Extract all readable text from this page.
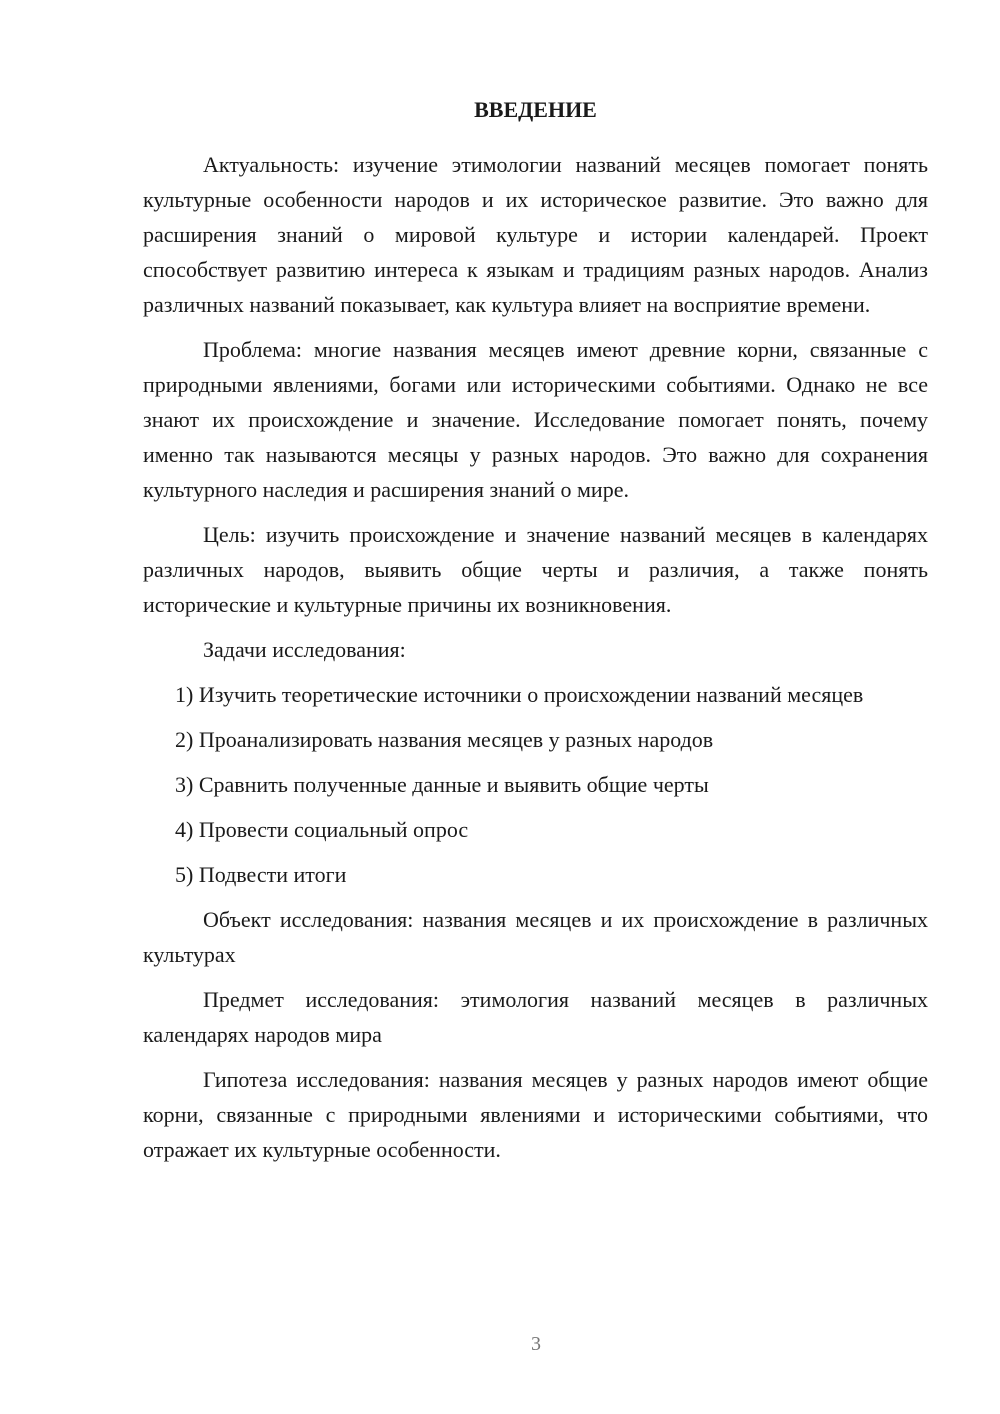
ВВЕДЕНИЕ

Актуальность: изучение этимологии названий месяцев помогает понять культурные особенности народов и их историческое развитие. Это важно для расширения знаний о мировой культуре и истории календарей. Проект способствует развитию интереса к языкам и традициям разных народов. Анализ различных названий показывает, как культура влияет на восприятие времени.

Проблема: многие названия месяцев имеют древние корни, связанные с природными явлениями, богами или историческими событиями. Однако не все знают их происхождение и значение. Исследование помогает понять, почему именно так называются месяцы у разных народов. Это важно для сохранения культурного наследия и расширения знаний о мире.

Цель: изучить происхождение и значение названий месяцев в календарях различных народов, выявить общие черты и различия, а также понять исторические и культурные причины их возникновения.

Задачи исследования:

1) Изучить теоретические источники о происхождении названий месяцев

2) Проанализировать названия месяцев у разных народов

3) Сравнить полученные данные и выявить общие черты

4) Провести социальный опрос

5) Подвести итоги

Объект исследования: названия месяцев и их происхождение в различных культурах

Предмет исследования: этимология названий месяцев в различных календарях народов мира

Гипотеза исследования: названия месяцев у разных народов имеют общие корни, связанные с природными явлениями и историческими событиями, что отражает их культурные особенности.

3
